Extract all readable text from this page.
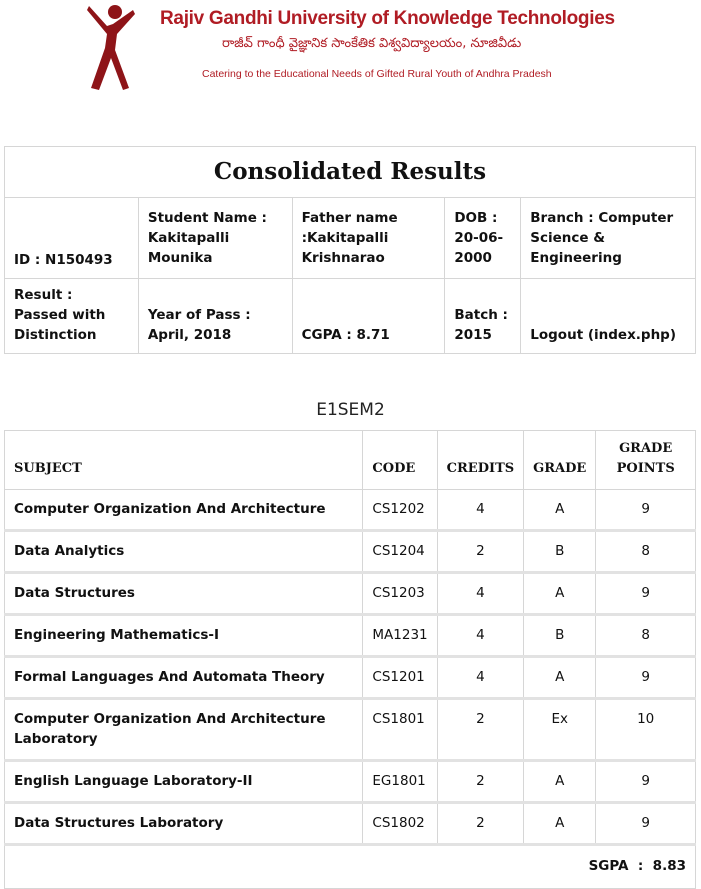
Rajiv Gandhi University of Knowledge Technologies
రాజీవ్ గాంధీ వైజ్ఞానిక సాంకేతిక విశ్వవిద్యాలయం, నూజివీడు
Catering to the Educational Needs of Gifted Rural Youth of Andhra Pradesh
Consolidated Results				
ID : N150493	Student Name : Kakitapalli Mounika	Father name :Kakitapalli Krishnarao	DOB : 20-06-2000	Branch : Computer Science & Engineering
Result : Passed with Distinction	Year of Pass : April, 2018	CGPA : 8.71	Batch : 2015	Logout (index.php)
E1SEM2
SUBJECT	CODE	CREDITS	GRADE	GRADE POINTS
Computer Organization And Architecture	CS1202	4	A	9
Data Analytics	CS1204	2	B	8
Data Structures	CS1203	4	A	9
Engineering Mathematics-I	MA1231	4	B	8
Formal Languages And Automata Theory	CS1201	4	A	9
Computer Organization And Architecture Laboratory	CS1801	2	Ex	10
English Language Laboratory-II	EG1801	2	A	9
Data Structures Laboratory	CS1802	2	A	9
SGPA  :  8.83				
